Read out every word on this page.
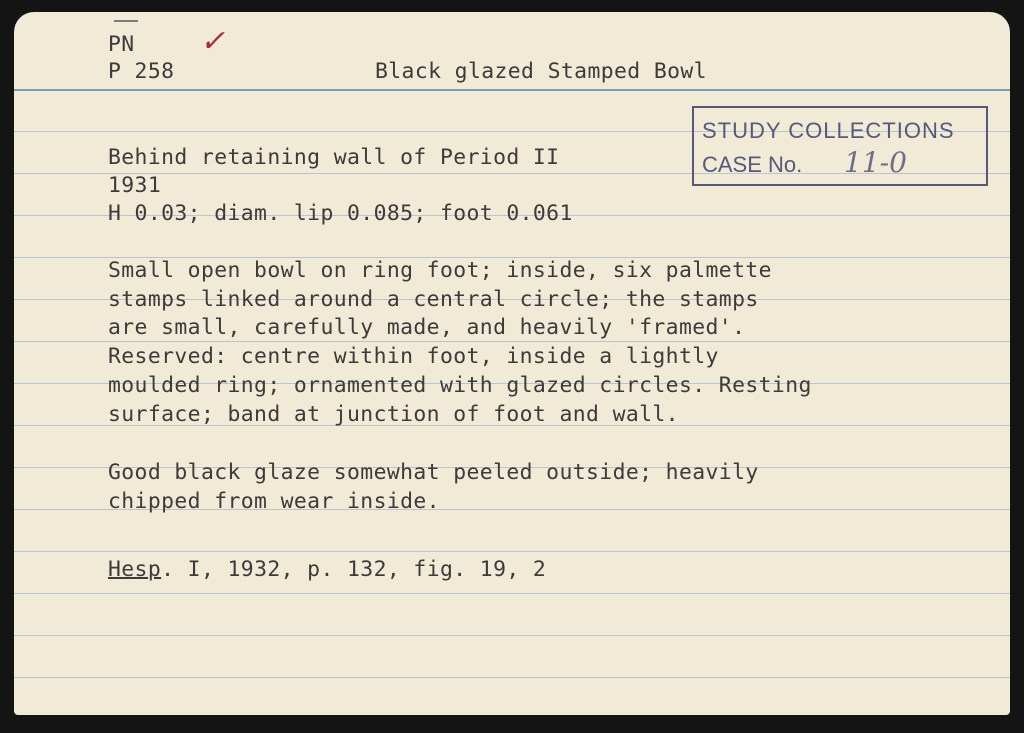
PN ✓
P 258	Black glazed Stamped Bowl
STUDY COLLECTIONS
CASE No. 11-0
Behind retaining wall of Period II
1931
H 0.03; diam. lip 0.085; foot 0.061
Small open bowl on ring foot; inside, six palmette
stamps linked around a central circle; the stamps
are small, carefully made, and heavily 'framed'.
Reserved: centre within foot, inside a lightly
moulded ring; ornamented with glazed circles. Resting
surface; band at junction of foot and wall.
Good black glaze somewhat peeled outside; heavily
chipped from wear inside.
Hesp. I, 1932, p. 132, fig. 19, 2
